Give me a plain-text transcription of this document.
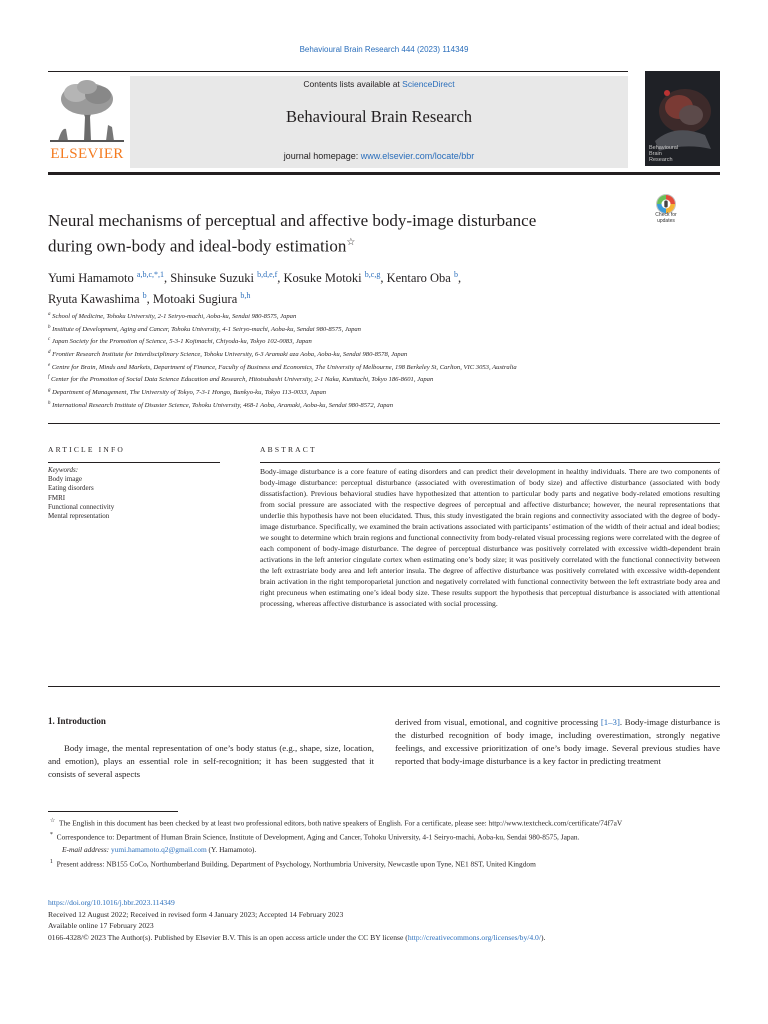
Behavioural Brain Research 444 (2023) 114349
ELSEVIER
Contents lists available at ScienceDirect
Behavioural Brain Research
journal homepage: www.elsevier.com/locate/bbr
Behavioural
Brain
Research
Neural mechanisms of perceptual and affective body-image disturbance
during own-body and ideal-body estimation☆
Check for
updates
Yumi Hamamoto $^{a,b,c,*,1}$, Shinsuke Suzuki $^{b,d,e,f}$, Kosuke Motoki $^{b,c,g}$, Kentaro Oba $^b$,
Ryuta Kawashima $^b$, Motoaki Sugiura $^{b,h}$
$^a$ School of Medicine, Tohoku University, 2-1 Seiryo-machi, Aoba-ku, Sendai 980-8575, Japan
$^b$ Institute of Development, Aging and Cancer, Tohoku University, 4-1 Seiryo-machi, Aoba-ku, Sendai 980-8575, Japan
$^c$ Japan Society for the Promotion of Science, 5-3-1 Kojimachi, Chiyoda-ku, Tokyo 102-0083, Japan
$^d$ Frontier Research Institute for Interdisciplinary Science, Tohoku University, 6-3 Aramaki aza Aoba, Aoba-ku, Sendai 980-8578, Japan
$^e$ Centre for Brain, Minds and Markets, Department of Finance, Faculty of Business and Economics, The University of Melbourne, 198 Berkeley St, Carlton, VIC 3053, Australia
$^f$ Center for the Promotion of Social Data Science Education and Research, Hitotsubashi University, 2-1 Naka, Kunitachi, Tokyo 186-8601, Japan
$^g$ Department of Management, The University of Tokyo, 7-3-1 Hongo, Bunkyo-ku, Tokyo 113-0033, Japan
$^h$ International Research Institute of Disaster Science, Tohoku University, 468-1 Aoba, Aramaki, Aoba-ku, Sendai 980-8572, Japan
ARTICLE INFO	ABSTRACT
Keywords:
Body image
Eating disorders
FMRI
Functional connectivity
Mental representation
Body-image disturbance is a core feature of eating disorders and can predict their development in healthy individuals. There are two components of body-image disturbance: perceptual disturbance (associated with overestimation of body size) and affective disturbance (associated with body dissatisfaction). Previous behavioral studies have hypothesized that attention to particular body parts and negative body-related emotions resulting from social pressure are associated with the respective degrees of perceptual and affective disturbance; however, the neural representations that underlie this hypothesis have not been elucidated. Thus, this study investigated the brain regions and connectivity associated with the degree of body-image disturbance. Specifically, we examined the brain activations associated with participants’ estimation of the width of their actual and ideal bodies; we sought to determine which brain regions and functional connectivity from body-related visual processing regions were correlated with the degree of each component of body-image disturbance. The degree of perceptual disturbance was positively correlated with excessive width-dependent brain activations in the left anterior cingulate cortex when estimating one’s body size; it was positively correlated with the functional connectivity between the left extrastriate body area and left anterior insula. The degree of affective disturbance was positively correlated with excessive width-dependent brain activation in the right temporoparietal junction and negatively correlated with functional connectivity between the left extrastriate body area and right precuneus when estimating one’s ideal body size. These results support the hypothesis that perceptual disturbance is associated with attentional processing, whereas affective disturbance is associated with social processing.
1. Introduction
Body image, the mental representation of one’s body status (e.g., shape, size, location, and emotion), plays an essential role in self-recognition; it has been suggested that it consists of several aspects
derived from visual, emotional, and cognitive processing [1–3]. Body-image disturbance is the disturbed recognition of body image, including overestimation, strongly negative feelings, and excessive prioritization of one’s body image. Several previous studies have reported that body-image disturbance is a key factor in predicting treatment

☆ The English in this document has been checked by at least two professional editors, both native speakers of English. For a certificate, please see: http://www.textcheck.com/certificate/74f7aV

* Correspondence to: Department of Human Brain Science, Institute of Development, Aging and Cancer, Tohoku University, 4-1 Seiryo-machi, Aoba-ku, Sendai 980-8575, Japan.

E-mail address: yumi.hamamoto.q2@gmail.com (Y. Hamamoto).

$^1$ Present address: NB155 CoCo, Northumberland Building, Department of Psychology, Northumbria University, Newcastle upon Tyne, NE1 8ST, United Kingdom

https://doi.org/10.1016/j.bbr.2023.114349
Received 12 August 2022; Received in revised form 4 January 2023; Accepted 14 February 2023
Available online 17 February 2023
0166-4328/© 2023 The Author(s). Published by Elsevier B.V. This is an open access article under the CC BY license (http://creativecommons.org/licenses/by/4.0/).
